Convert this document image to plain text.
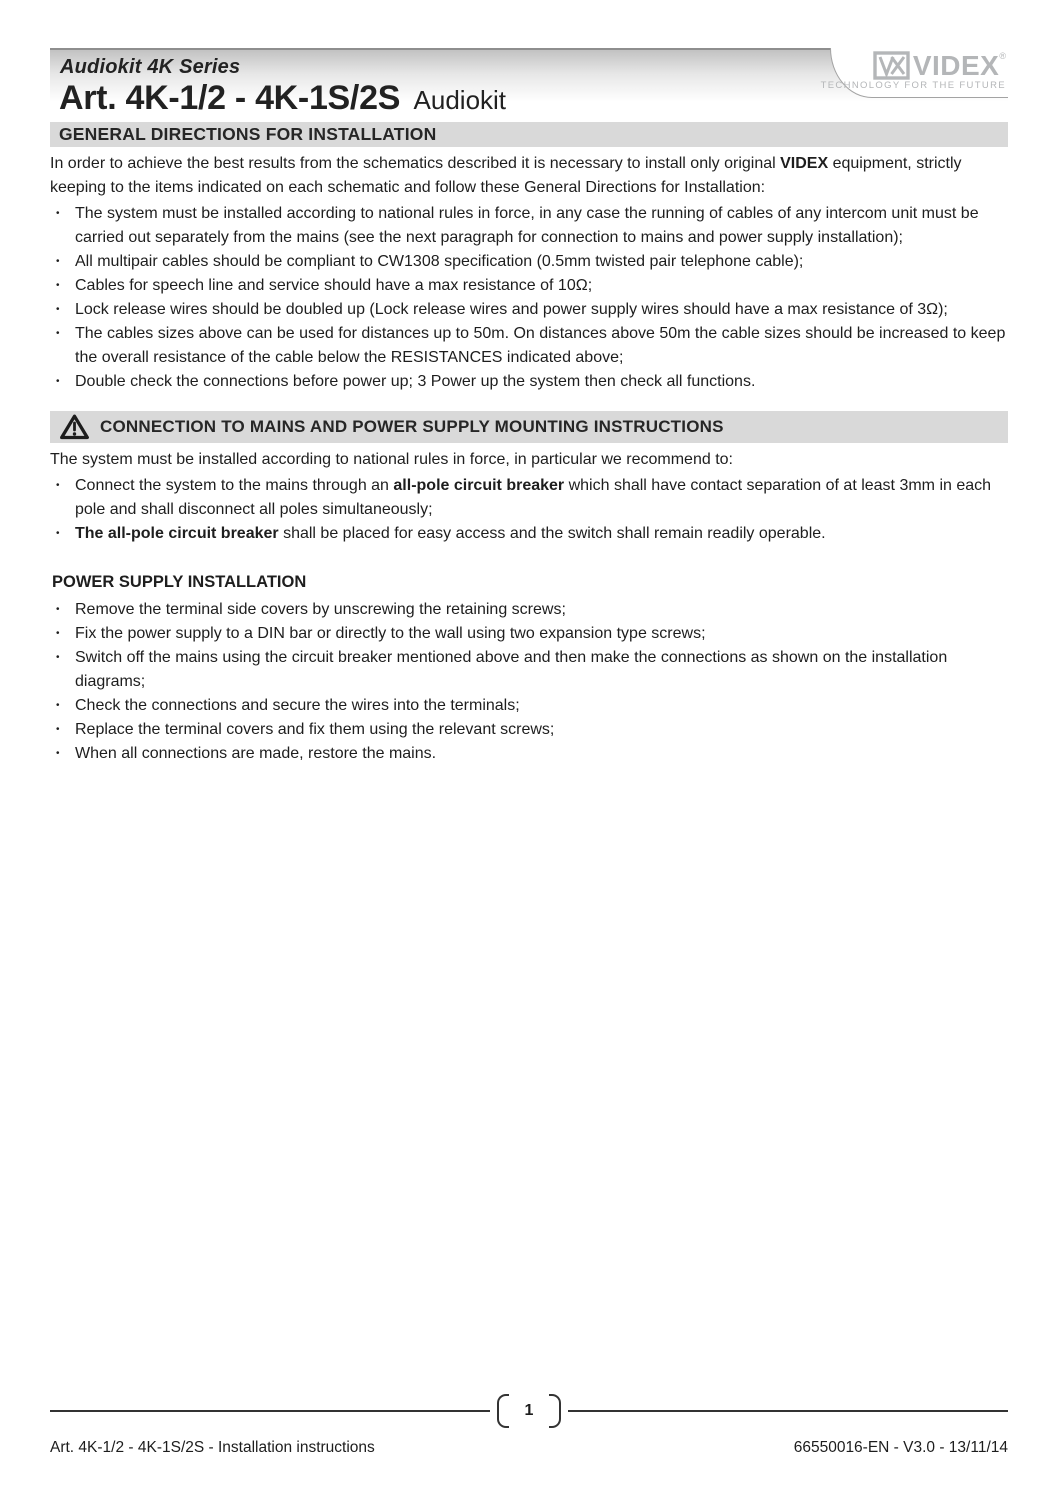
Audiokit 4K Series
Art. 4K-1/2 - 4K-1S/2S Audiokit
VIDEX ®
TECHNOLOGY FOR THE FUTURE
GENERAL DIRECTIONS FOR INSTALLATION

In order to achieve the best results from the schematics described it is necessary to install only original VIDEX equipment, strictly keeping to the items indicated on each schematic and follow these General Directions for Installation:

• The system must be installed according to national rules in force, in any case the running of cables of any intercom unit must be carried out separately from the mains (see the next paragraph for connection to mains and power supply installation);
• All multipair cables should be compliant to CW1308 specification (0.5mm twisted pair telephone cable);
• Cables for speech line and service should have a max resistance of 10Ω;
• Lock release wires should be doubled up (Lock release wires and power supply wires should have a max resistance of 3Ω);
• The cables sizes above can be used for distances up to 50m. On distances above 50m the cable sizes should be increased to keep the overall resistance of the cable below the RESISTANCES indicated above;
• Double check the connections before power up; 3 Power up the system then check all functions.
CONNECTION TO MAINS AND POWER SUPPLY MOUNTING INSTRUCTIONS

The system must be installed according to national rules in force, in particular we recommend to:

• Connect the system to the mains through an all-pole circuit breaker which shall have contact separation of at least 3mm in each pole and shall disconnect all poles simultaneously;
• The all-pole circuit breaker shall be placed for easy access and the switch shall remain readily operable.
POWER SUPPLY INSTALLATION
• Remove the terminal side covers by unscrewing the retaining screws;
• Fix the power supply to a DIN bar or directly to the wall using two expansion type screws;
• Switch off the mains using the circuit breaker mentioned above and then make the connections as shown on the installation diagrams;
• Check the connections and secure the wires into the terminals;
• Replace the terminal covers and fix them using the relevant screws;
• When all connections are made, restore the mains.
1
Art. 4K-1/2 - 4K-1S/2S - Installation instructions	66550016-EN - V3.0 - 13/11/14
